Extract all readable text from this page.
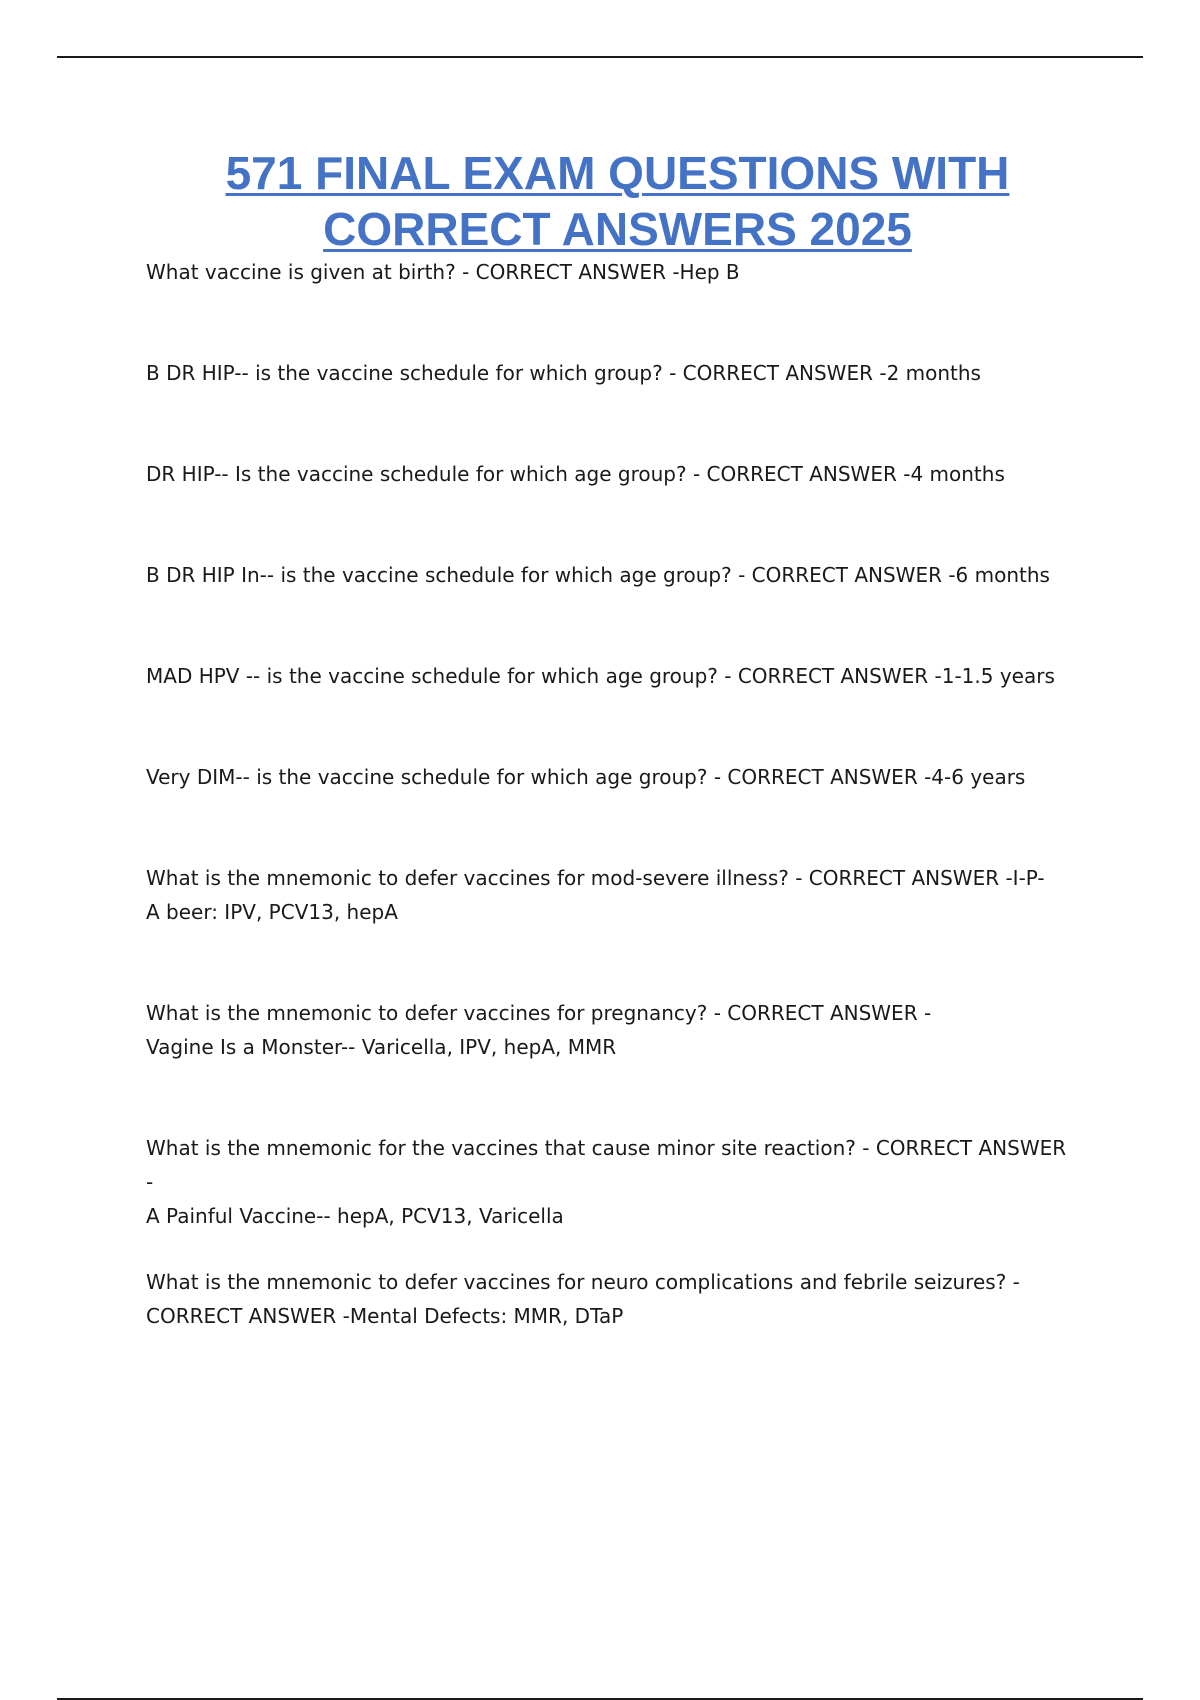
571 FINAL EXAM QUESTIONS WITH
CORRECT ANSWERS 2025

What vaccine is given at birth? - CORRECT ANSWER -Hep B

B DR HIP-- is the vaccine schedule for which group? - CORRECT ANSWER -2 months

DR HIP-- Is the vaccine schedule for which age group? - CORRECT ANSWER -4 months

B DR HIP In-- is the vaccine schedule for which age group? - CORRECT ANSWER -6 months

MAD HPV -- is the vaccine schedule for which age group? - CORRECT ANSWER -1-1.5 years

Very DIM-- is the vaccine schedule for which age group? - CORRECT ANSWER -4-6 years

What is the mnemonic to defer vaccines for mod-severe illness? - CORRECT ANSWER -I-P-
A beer: IPV, PCV13, hepA

What is the mnemonic to defer vaccines for pregnancy? - CORRECT ANSWER -
Vagine Is a Monster-- Varicella, IPV, hepA, MMR

What is the mnemonic for the vaccines that cause minor site reaction? - CORRECT ANSWER -
A Painful Vaccine-- hepA, PCV13, Varicella

What is the mnemonic to defer vaccines for neuro complications and febrile seizures? -
CORRECT ANSWER -Mental Defects: MMR, DTaP
